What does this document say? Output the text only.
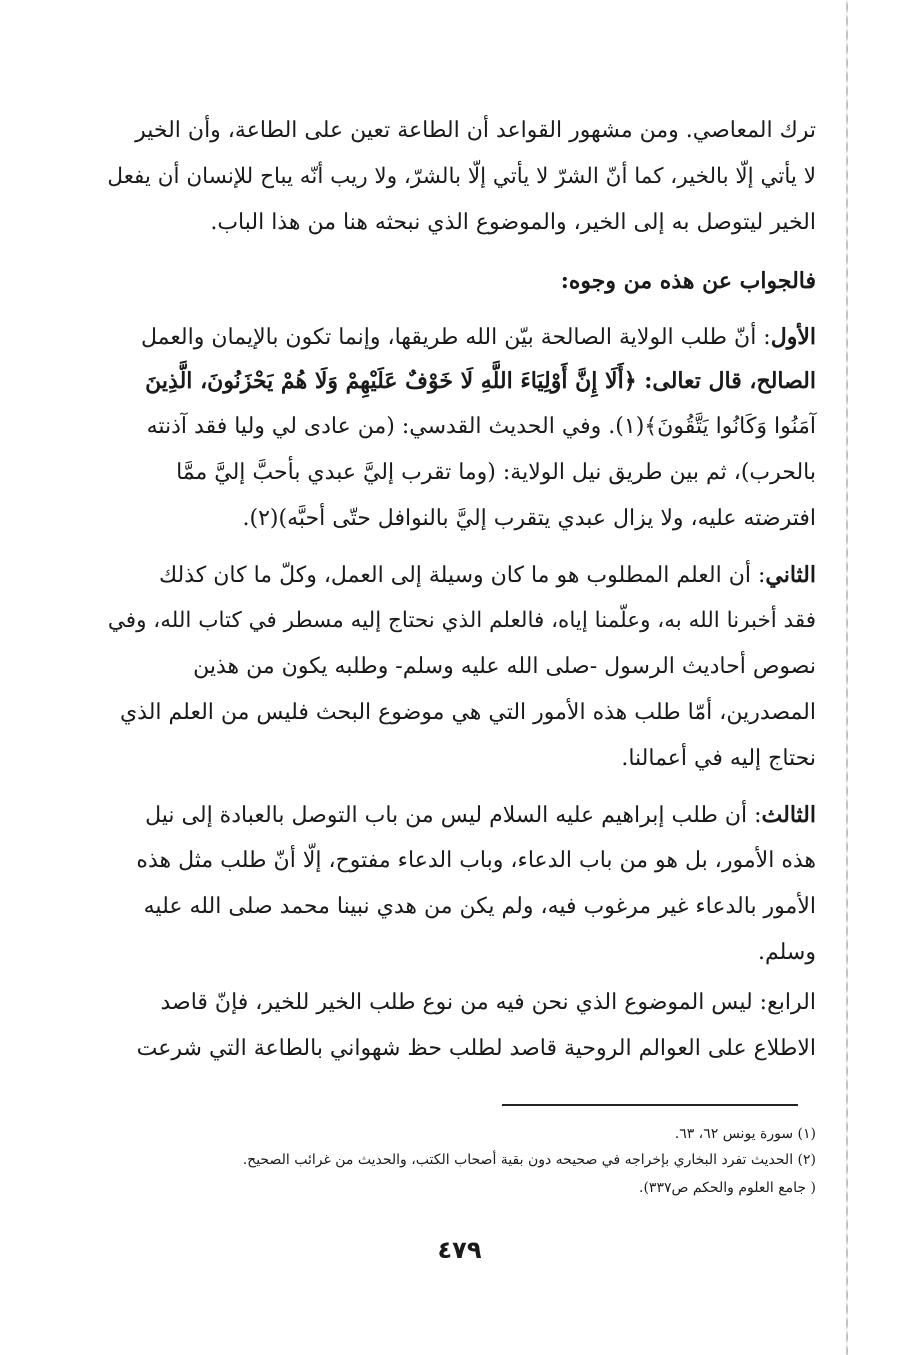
ترك المعاصي. ومن مشهور القواعد أن الطاعة تعين على الطاعة، وأن الخير
لا يأتي إلّا بالخير، كما أنّ الشرّ لا يأتي إلّا بالشرّ، ولا ريب أنّه يباح للإنسان أن يفعل
الخير ليتوصل به إلى الخير، والموضوع الذي نبحثه هنا من هذا الباب.
فالجواب عن هذه من وجوه:
الأول: أنّ طلب الولاية الصالحة بيّن الله طريقها، وإنما تكون بالإيمان والعمل
الصالح، قال تعالى: ﴿أَلَا إِنَّ أَوْلِيَاءَ اللَّهِ لَا خَوْفٌ عَلَيْهِمْ وَلَا هُمْ يَحْزَنُونَ، الَّذِينَ
آمَنُوا وَكَانُوا يَتَّقُونَ﴾(١). وفي الحديث القدسي: (من عادى لي وليا فقد آذنته
بالحرب)، ثم بين طريق نيل الولاية: (وما تقرب إليَّ عبدي بأحبَّ إليَّ ممَّا
افترضته عليه، ولا يزال عبدي يتقرب إليَّ بالنوافل حتّى أحبَّه)(٢).
الثاني: أن العلم المطلوب هو ما كان وسيلة إلى العمل، وكلّ ما كان كذلك
فقد أخبرنا الله به، وعلّمنا إياه، فالعلم الذي نحتاج إليه مسطر في كتاب الله، وفي
نصوص أحاديث الرسول -صلى الله عليه وسلم- وطلبه يكون من هذين
المصدرين، أمّا طلب هذه الأمور التي هي موضوع البحث فليس من العلم الذي
نحتاج إليه في أعمالنا.
الثالث: أن طلب إبراهيم عليه السلام ليس من باب التوصل بالعبادة إلى نيل
هذه الأمور، بل هو من باب الدعاء، وباب الدعاء مفتوح، إلّا أنّ طلب مثل هذه
الأمور بالدعاء غير مرغوب فيه، ولم يكن من هدي نبينا محمد صلى الله عليه
وسلم.
الرابع: ليس الموضوع الذي نحن فيه من نوع طلب الخير للخير، فإنّ قاصد
الاطلاع على العوالم الروحية قاصد لطلب حظ شهواني بالطاعة التي شرعت
(١) سورة يونس ٦٢، ٦٣.
(٢) الحديث تفرد البخاري بإخراجه في صحيحه دون بقية أصحاب الكتب، والحديث من غرائب الصحيح.
( جامع العلوم والحكم ص٣٣٧).
٤٧٩
